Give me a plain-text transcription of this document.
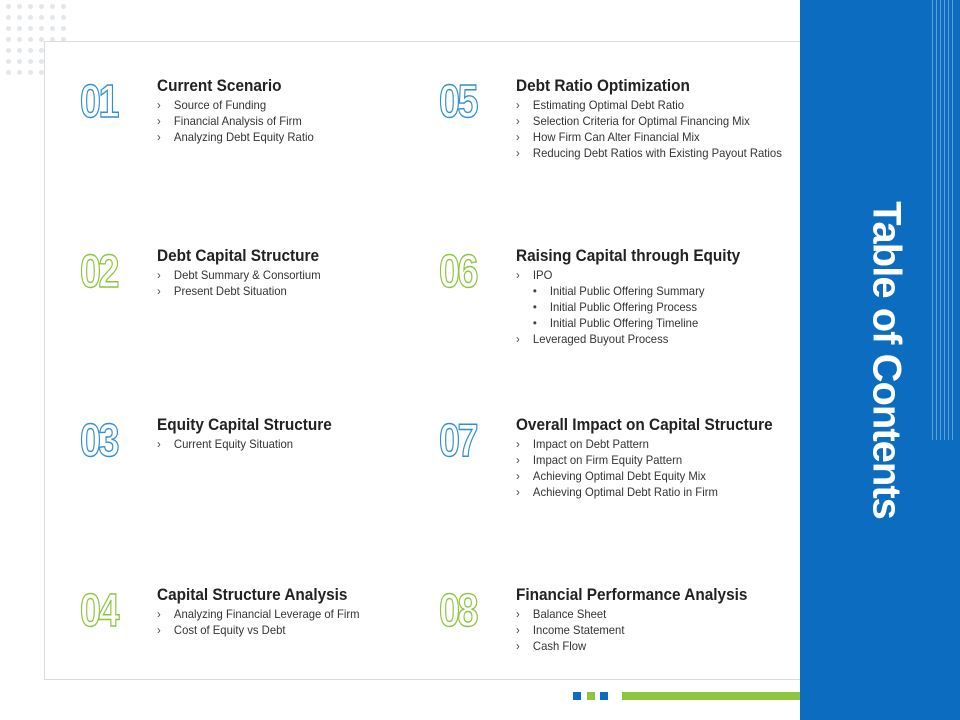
01 Current Scenario
› Source of Funding
› Financial Analysis of Firm
› Analyzing Debt Equity Ratio
02 Debt Capital Structure
› Debt Summary & Consortium
› Present Debt Situation
03 Equity Capital Structure
› Current Equity Situation
04 Capital Structure Analysis
› Analyzing Financial Leverage of Firm
› Cost of Equity vs Debt
05 Debt Ratio Optimization
› Estimating Optimal Debt Ratio
› Selection Criteria for Optimal Financing Mix
› How Firm Can Alter Financial Mix
› Reducing Debt Ratios with Existing Payout Ratios
06 Raising Capital through Equity
› IPO
• Initial Public Offering Summary
• Initial Public Offering Process
• Initial Public Offering Timeline
› Leveraged Buyout Process
07 Overall Impact on Capital Structure
› Impact on Debt Pattern
› Impact on Firm Equity Pattern
› Achieving Optimal Debt Equity Mix
› Achieving Optimal Debt Ratio in Firm
08 Financial Performance Analysis
› Balance Sheet
› Income Statement
› Cash Flow
Table of Contents
